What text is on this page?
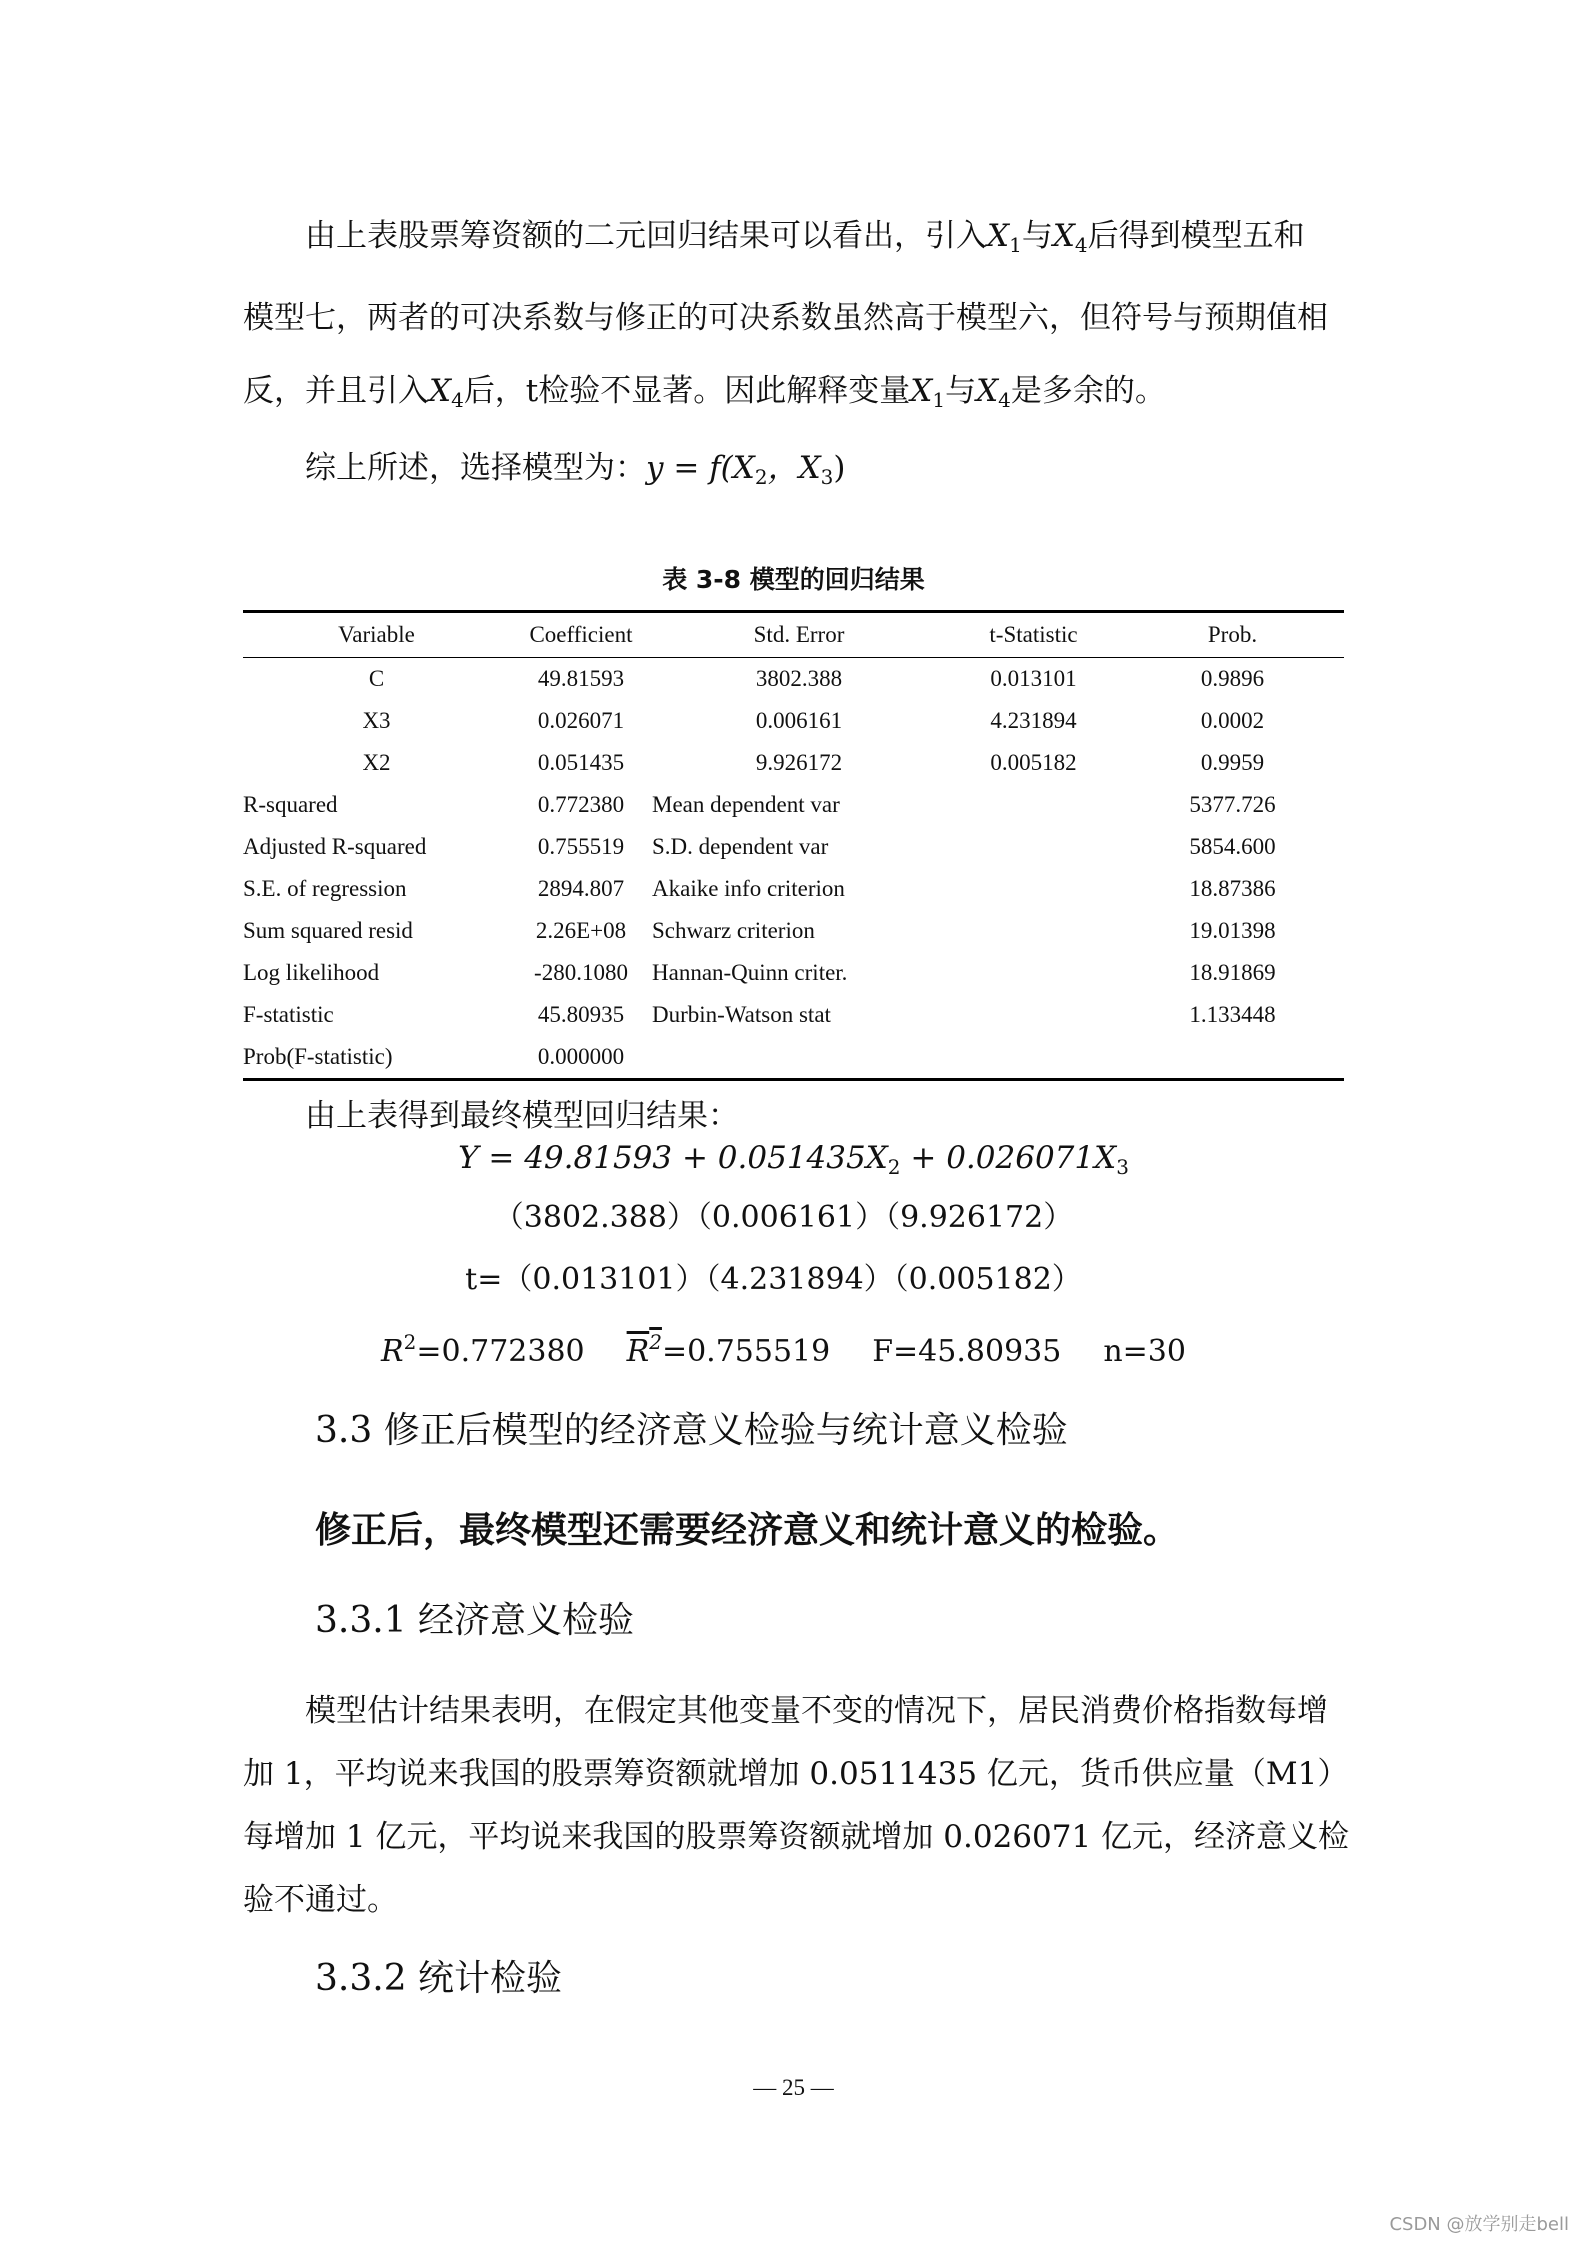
由上表股票筹资额的二元回归结果可以看出，引入$X_1$与$X_4$后得到模型五和
模型七，两者的可决系数与修正的可决系数虽然高于模型六，但符号与预期值相
反，并且引入$X_4$后，t检验不显著。因此解释变量$X_1$与$X_4$是多余的。

综上所述，选择模型为：$y = f(X_2$，$X_3$)

表 3-8 模型的回归结果
Variable	Coefficient	Std. Error	t-Statistic	Prob.
C	49.81593	3802.388	0.013101	0.9896
X3	0.026071	0.006161	4.231894	0.0002
X2	0.051435	9.926172	0.005182	0.9959
R-squared	0.772380	Mean dependent var		5377.726
Adjusted R-squared	0.755519	S.D. dependent var		5854.600
S.E. of regression	2894.807	Akaike info criterion		18.87386
Sum squared resid	2.26E+08	Schwarz criterion		19.01398
Log likelihood	-280.1080	Hannan-Quinn criter.		18.91869
F-statistic	45.80935	Durbin-Watson stat		1.133448
Prob(F-statistic)	0.000000			
由上表得到最终模型回归结果：
$Y = 49.81593 + 0.051435X_2 + 0.026071X_3$
（3802.388）（0.006161）（9.926172）
t=（0.013101）（4.231894）（0.005182）
$R^2=0.772380$ $R^2=0.755519$ F=45.80935 n=30
3.3 修正后模型的经济意义检验与统计意义检验
修正后，最终模型还需要经济意义和统计意义的检验。
3.3.1 经济意义检验

模型估计结果表明，在假定其他变量不变的情况下，居民消费价格指数每增
加 1，平均说来我国的股票筹资额就增加 0.0511435 亿元，货币供应量（M1）
每增加 1 亿元，平均说来我国的股票筹资额就增加 0.026071 亿元，经济意义检
验不通过。

3.3.2 统计检验
— 25 —
CSDN @放学别走bell
